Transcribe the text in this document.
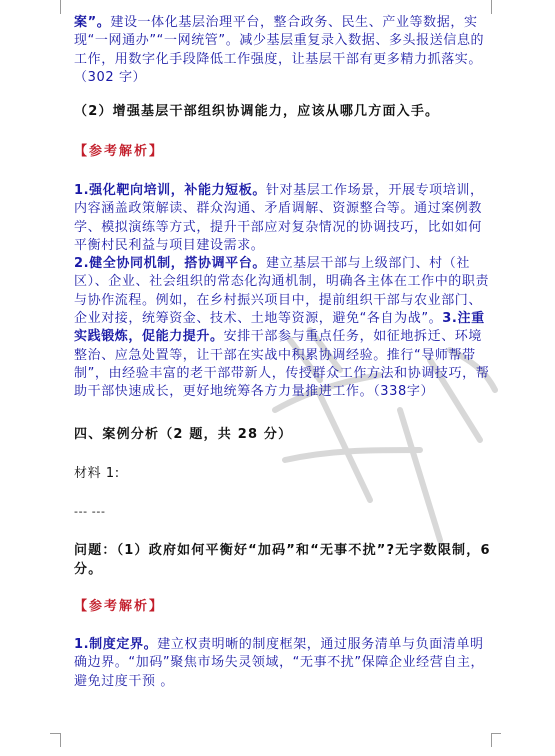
案”。建设一体化基层治理平台，整合政务、民生、产业等数据，实现“一网通办”“一网统管”。减少基层重复录入数据、多头报送信息的工作，用数字化手段降低工作强度，让基层干部有更多精力抓落实。（302 字）
（2）增强基层干部组织协调能力，应该从哪几方面入手。
【参考解析】
1.强化靶向培训，补能力短板。针对基层工作场景，开展专项培训，内容涵盖政策解读、群众沟通、矛盾调解、资源整合等。通过案例教学、模拟演练等方式，提升干部应对复杂情况的协调技巧，比如如何平衡村民利益与项目建设需求。
2.健全协同机制，搭协调平台。建立基层干部与上级部门、村（社区）、企业、社会组织的常态化沟通机制，明确各主体在工作中的职责与协作流程。例如，在乡村振兴项目中，提前组织干部与农业部门、企业对接，统筹资金、技术、土地等资源，避免“各自为战”。3.注重实践锻炼，促能力提升。安排干部参与重点任务，如征地拆迁、环境整治、应急处置等，让干部在实战中积累协调经验。推行“导师帮带制”，由经验丰富的老干部带新人，传授群众工作方法和协调技巧，帮助干部快速成长，更好地统筹各方力量推进工作。（338字）
四、案例分析（2 题，共 28 分）
材料 1:
--- ---
问题：（1）政府如何平衡好“加码”和“无事不扰”?无字数限制，6 分。
【参考解析】
1.制度定界。建立权责明晰的制度框架，通过服务清单与负面清单明确边界。“加码”聚焦市场失灵领域，“无事不扰”保障企业经营自主，避免过度干预 。
